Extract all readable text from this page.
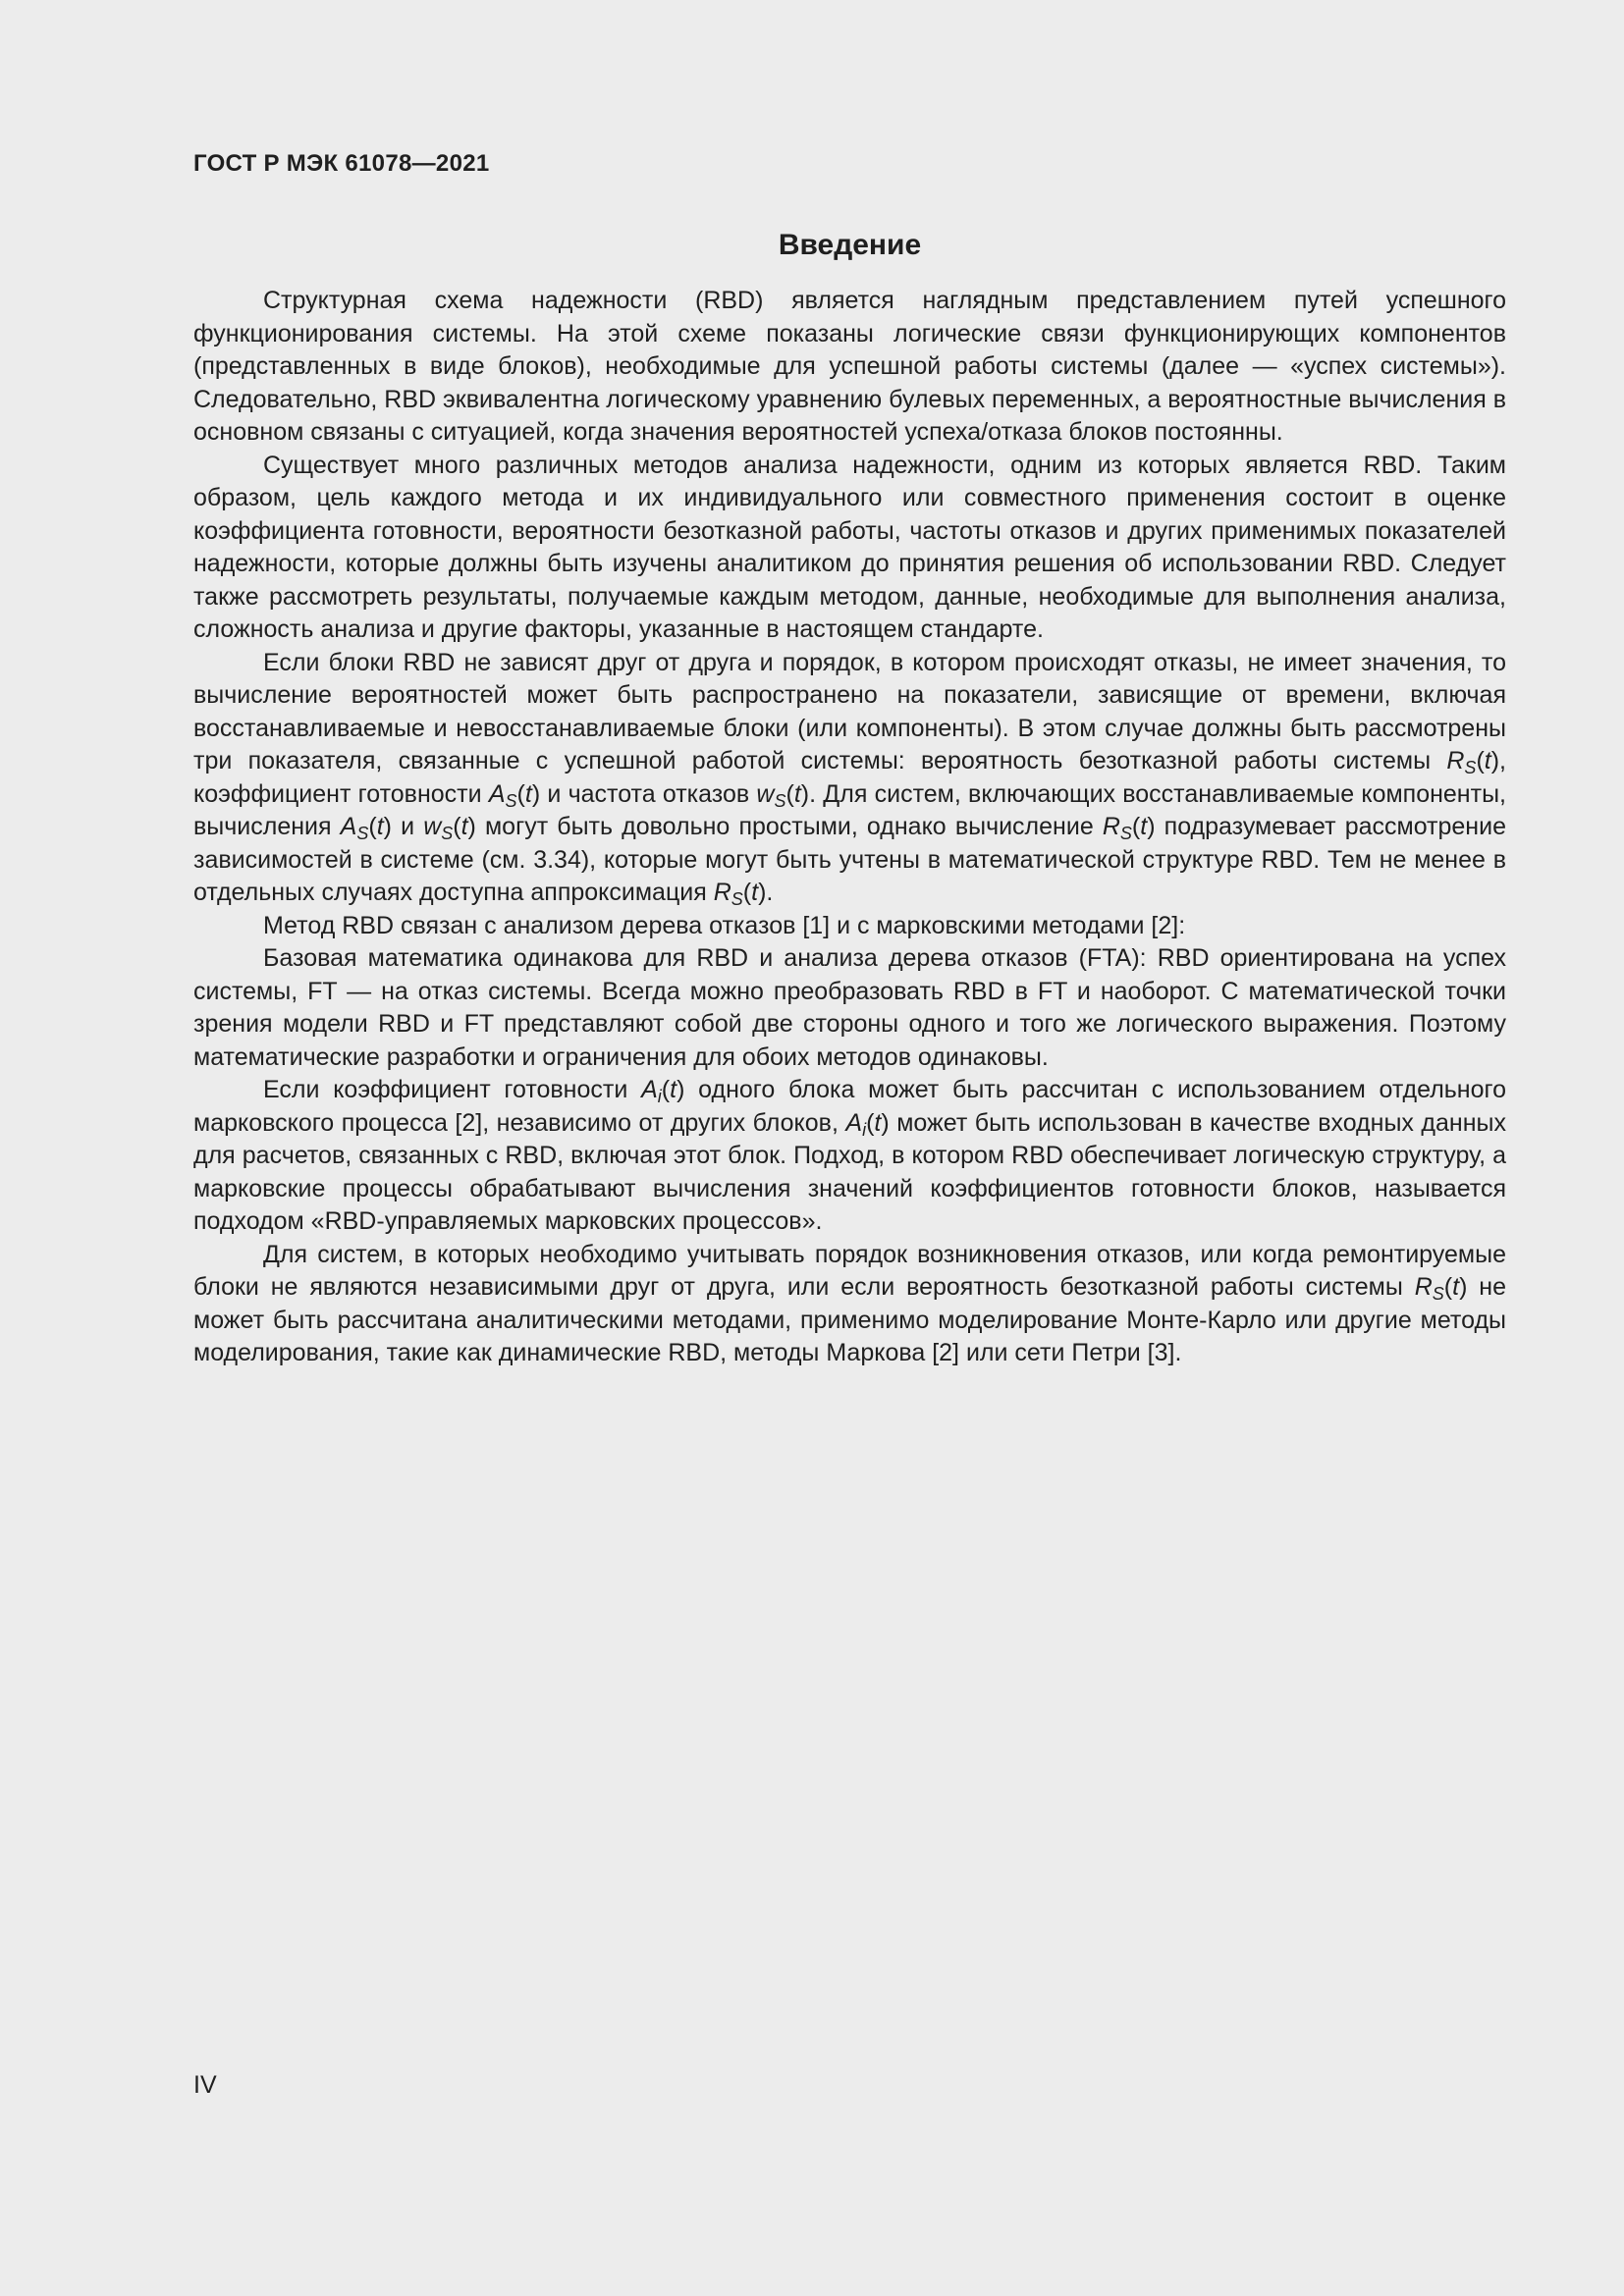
ГОСТ Р МЭК 61078—2021

Введение

Структурная схема надежности (RBD) является наглядным представлением путей успешного функционирования системы. На этой схеме показаны логические связи функционирующих компонентов (представленных в виде блоков), необходимые для успешной работы системы (далее — «успех системы»). Следовательно, RBD эквивалентна логическому уравнению булевых переменных, а вероятностные вычисления в основном связаны с ситуацией, когда значения вероятностей успеха/отказа блоков постоянны.

Существует много различных методов анализа надежности, одним из которых является RBD. Таким образом, цель каждого метода и их индивидуального или совместного применения состоит в оценке коэффициента готовности, вероятности безотказной работы, частоты отказов и других применимых показателей надежности, которые должны быть изучены аналитиком до принятия решения об использовании RBD. Следует также рассмотреть результаты, получаемые каждым методом, данные, необходимые для выполнения анализа, сложность анализа и другие факторы, указанные в настоящем стандарте.

Если блоки RBD не зависят друг от друга и порядок, в котором происходят отказы, не имеет значения, то вычисление вероятностей может быть распространено на показатели, зависящие от времени, включая восстанавливаемые и невосстанавливаемые блоки (или компоненты). В этом случае должны быть рассмотрены три показателя, связанные с успешной работой системы: вероятность безотказной работы системы $R_S(t)$, коэффициент готовности $A_S(t)$ и частота отказов $w_S(t)$. Для систем, включающих восстанавливаемые компоненты, вычисления $A_S(t)$ и $w_S(t)$ могут быть довольно простыми, однако вычисление $R_S(t)$ подразумевает рассмотрение зависимостей в системе (см. 3.34), которые могут быть учтены в математической структуре RBD. Тем не менее в отдельных случаях доступна аппроксимация $R_S(t)$.

Метод RBD связан с анализом дерева отказов [1] и с марковскими методами [2]:

Базовая математика одинакова для RBD и анализа дерева отказов (FTA): RBD ориентирована на успех системы, FT — на отказ системы. Всегда можно преобразовать RBD в FT и наоборот. С математической точки зрения модели RBD и FT представляют собой две стороны одного и того же логического выражения. Поэтому математические разработки и ограничения для обоих методов одинаковы.

Если коэффициент готовности $A_i(t)$ одного блока может быть рассчитан с использованием отдельного марковского процесса [2], независимо от других блоков, $A_i(t)$ может быть использован в качестве входных данных для расчетов, связанных с RBD, включая этот блок. Подход, в котором RBD обеспечивает логическую структуру, а марковские процессы обрабатывают вычисления значений коэффициентов готовности блоков, называется подходом «RBD-управляемых марковских процессов».

Для систем, в которых необходимо учитывать порядок возникновения отказов, или когда ремонтируемые блоки не являются независимыми друг от друга, или если вероятность безотказной работы системы $R_S(t)$ не может быть рассчитана аналитическими методами, применимо моделирование Монте-Карло или другие методы моделирования, такие как динамические RBD, методы Маркова [2] или сети Петри [3].

IV
